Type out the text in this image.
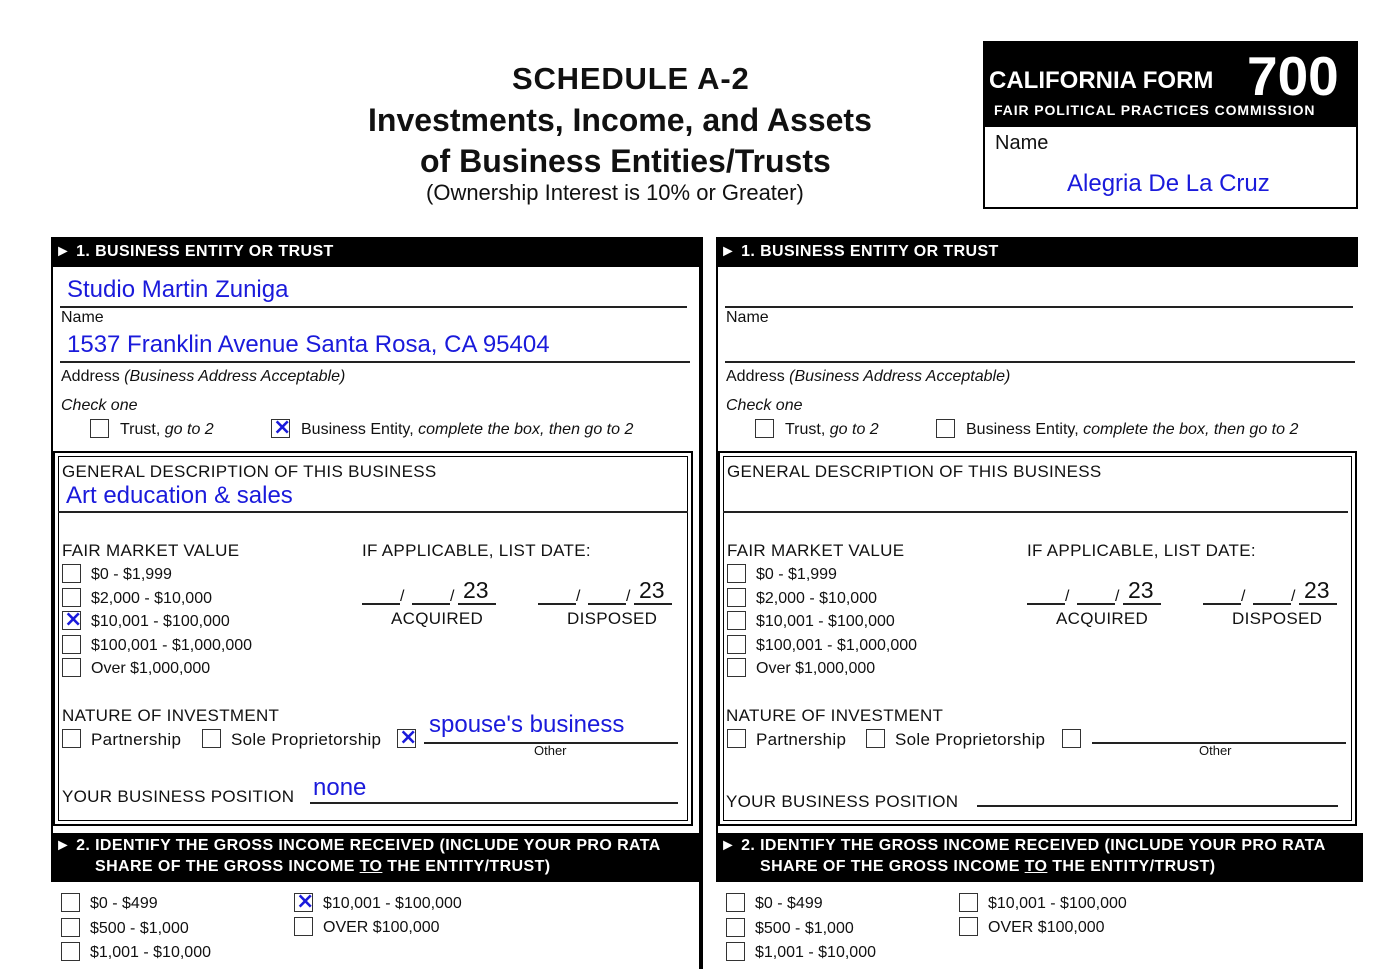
SCHEDULE A-2
Investments, Income, and Assets
of Business Entities/Trusts
(Ownership Interest is 10% or Greater)
CALIFORNIA FORM 700
FAIR POLITICAL PRACTICES COMMISSION
Name
Alegria De La Cruz
► 1. BUSINESS ENTITY OR TRUST
Studio Martin Zuniga
Name
1537 Franklin Avenue Santa Rosa, CA 95404
Address (Business Address Acceptable)
Check one
Trust, go to 2
×	Business Entity, complete the box, then go to 2
GENERAL DESCRIPTION OF THIS BUSINESS
Art education & sales
FAIR MARKET VALUE	IF APPLICABLE, LIST DATE:
$0 - $1,999
$2,000 - $10,000
×
$10,001 - $100,000
$100,001 - $1,000,000
Over $1,000,000
/	/ 23
ACQUIRED
/	/ 23
DISPOSED
NATURE OF INVESTMENT
Partnership	Sole Proprietorship
×
spouse's business
Other
YOUR BUSINESS POSITION none
► 2. IDENTIFY THE GROSS INCOME RECEIVED (INCLUDE YOUR PRO RATA
SHARE OF THE GROSS INCOME TO THE ENTITY/TRUST)
$0 - $499
$500 - $1,000
$1,001 - $10,000
×
$10,001 - $100,000
OVER $100,000
► 1. BUSINESS ENTITY OR TRUST
Name
Address (Business Address Acceptable)
Check one
Trust, go to 2	Business Entity, complete the box, then go to 2
GENERAL DESCRIPTION OF THIS BUSINESS
FAIR MARKET VALUE	IF APPLICABLE, LIST DATE:
$0 - $1,999
$2,000 - $10,000
$10,001 - $100,000
$100,001 - $1,000,000
Over $1,000,000
/	/ 23
ACQUIRED
/	/ 23
DISPOSED
NATURE OF INVESTMENT
Partnership	Sole Proprietorship
Other
YOUR BUSINESS POSITION
► 2. IDENTIFY THE GROSS INCOME RECEIVED (INCLUDE YOUR PRO RATA
SHARE OF THE GROSS INCOME TO THE ENTITY/TRUST)
$0 - $499
$500 - $1,000
$1,001 - $10,000
$10,001 - $100,000
OVER $100,000
